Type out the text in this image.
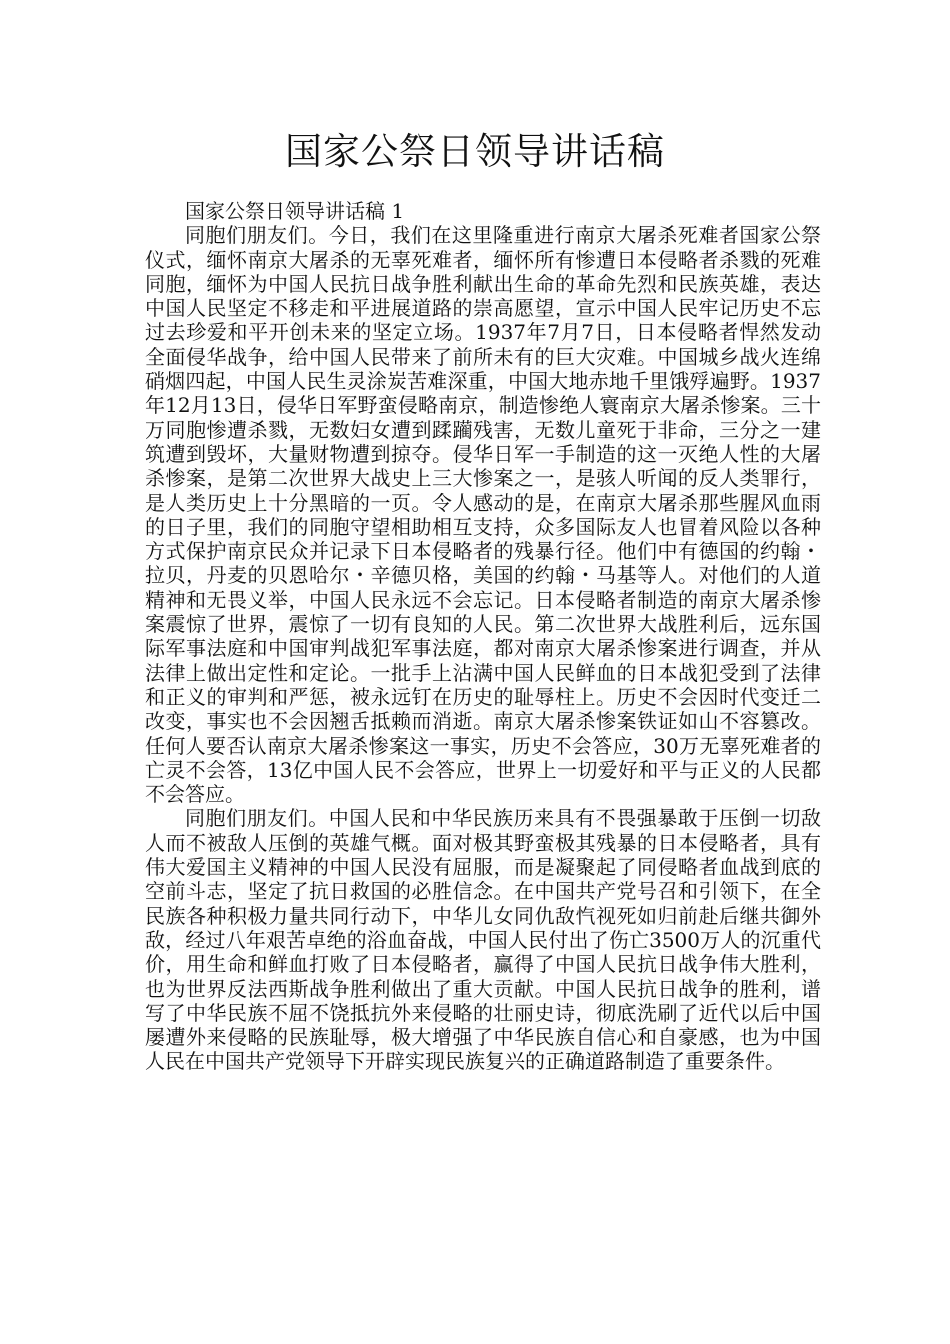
国家公祭日领导讲话稿

国家公祭日领导讲话稿 1

同胞们朋友们。今日，我们在这里隆重进行南京大屠杀死难者国家公祭仪式，缅怀南京大屠杀的无辜死难者，缅怀所有惨遭日本侵略者杀戮的死难同胞，缅怀为中国人民抗日战争胜利献出生命的革命先烈和民族英雄，表达中国人民坚定不移走和平进展道路的崇高愿望，宣示中国人民牢记历史不忘过去珍爱和平开创未来的坚定立场。1937年7月7日，日本侵略者悍然发动全面侵华战争，给中国人民带来了前所未有的巨大灾难。中国城乡战火连绵硝烟四起，中国人民生灵涂炭苦难深重，中国大地赤地千里饿殍遍野。1937年12月13日，侵华日军野蛮侵略南京，制造惨绝人寰南京大屠杀惨案。三十万同胞惨遭杀戮，无数妇女遭到蹂躏残害，无数儿童死于非命，三分之一建筑遭到毁坏，大量财物遭到掠夺。侵华日军一手制造的这一灭绝人性的大屠杀惨案，是第二次世界大战史上三大惨案之一，是骇人听闻的反人类罪行，是人类历史上十分黑暗的一页。令人感动的是，在南京大屠杀那些腥风血雨的日子里，我们的同胞守望相助相互支持，众多国际友人也冒着风险以各种方式保护南京民众并记录下日本侵略者的残暴行径。他们中有德国的约翰・拉贝，丹麦的贝恩哈尔・辛德贝格，美国的约翰・马基等人。对他们的人道精神和无畏义举，中国人民永远不会忘记。日本侵略者制造的南京大屠杀惨案震惊了世界，震惊了一切有良知的人民。第二次世界大战胜利后，远东国际军事法庭和中国审判战犯军事法庭，都对南京大屠杀惨案进行调查，并从法律上做出定性和定论。一批手上沾满中国人民鲜血的日本战犯受到了法律和正义的审判和严惩，被永远钉在历史的耻辱柱上。历史不会因时代变迁二改变，事实也不会因翘舌抵赖而消逝。南京大屠杀惨案铁证如山不容篡改。任何人要否认南京大屠杀惨案这一事实，历史不会答应，30万无辜死难者的亡灵不会答，13亿中国人民不会答应，世界上一切爱好和平与正义的人民都不会答应。

同胞们朋友们。中国人民和中华民族历来具有不畏强暴敢于压倒一切敌人而不被敌人压倒的英雄气概。面对极其野蛮极其残暴的日本侵略者，具有伟大爱国主义精神的中国人民没有屈服，而是凝聚起了同侵略者血战到底的空前斗志，坚定了抗日救国的必胜信念。在中国共产党号召和引领下，在全民族各种积极力量共同行动下，中华儿女同仇敌忾视死如归前赴后继共御外敌，经过八年艰苦卓绝的浴血奋战，中国人民付出了伤亡3500万人的沉重代价，用生命和鲜血打败了日本侵略者，赢得了中国人民抗日战争伟大胜利，也为世界反法西斯战争胜利做出了重大贡献。中国人民抗日战争的胜利，谱写了中华民族不屈不饶抵抗外来侵略的壮丽史诗，彻底洗刷了近代以后中国屡遭外来侵略的民族耻辱，极大增强了中华民族自信心和自豪感，也为中国人民在中国共产党领导下开辟实现民族复兴的正确道路制造了重要条件。
